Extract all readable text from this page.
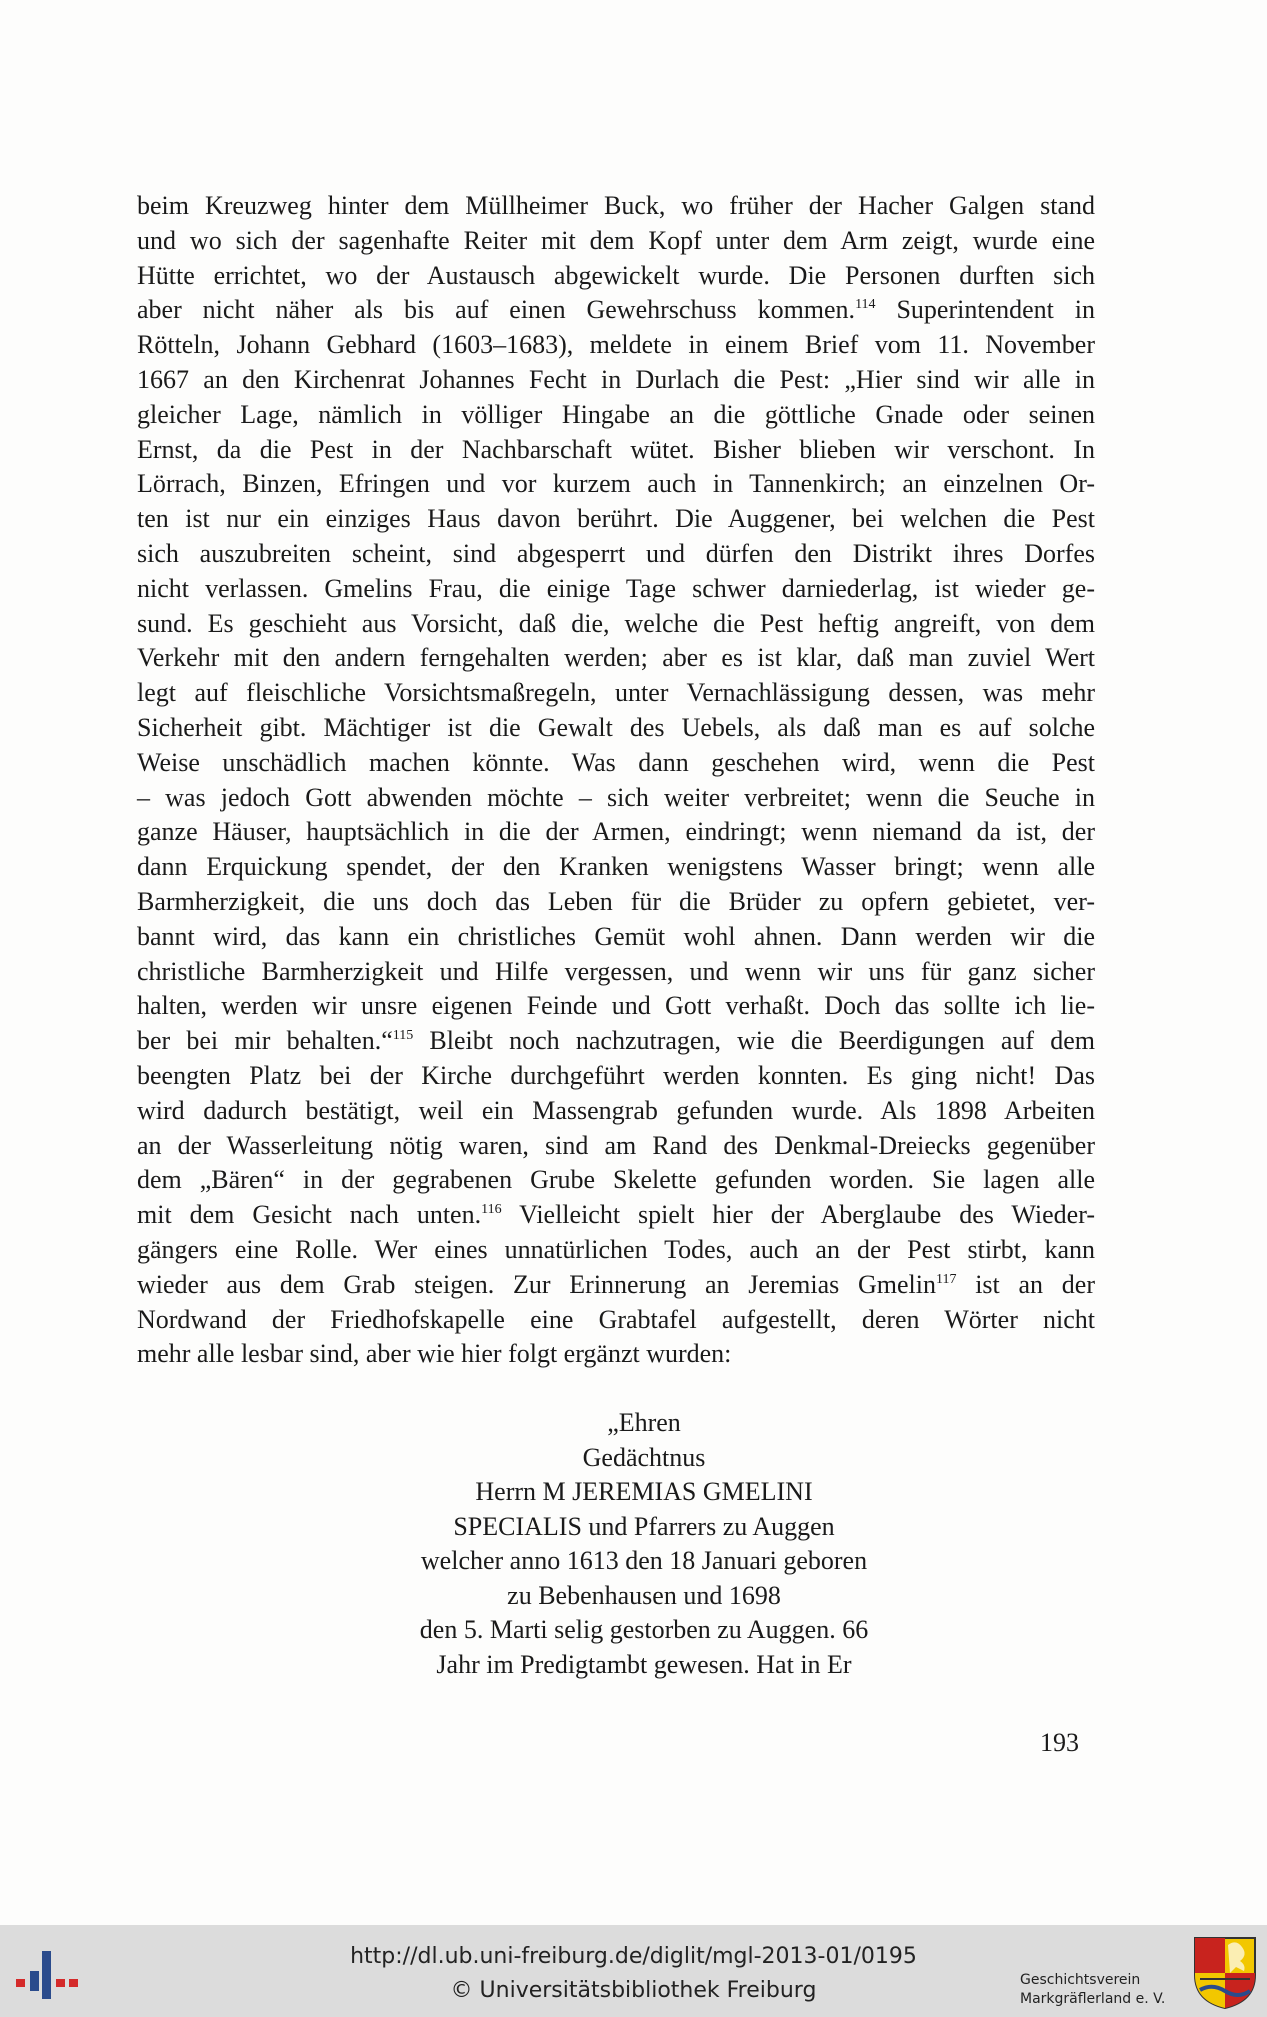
beim Kreuzweg hinter dem Müllheimer Buck, wo früher der Hacher Galgen stand
und wo sich der sagenhafte Reiter mit dem Kopf unter dem Arm zeigt, wurde eine
Hütte errichtet, wo der Austausch abgewickelt wurde. Die Personen durften sich
aber nicht näher als bis auf einen Gewehrschuss kommen.$^{114}$ Superintendent in
Rötteln, Johann Gebhard (1603–1683), meldete in einem Brief vom 11. November
1667 an den Kirchenrat Johannes Fecht in Durlach die Pest: „Hier sind wir alle in
gleicher Lage, nämlich in völliger Hingabe an die göttliche Gnade oder seinen
Ernst, da die Pest in der Nachbarschaft wütet. Bisher blieben wir verschont. In
Lörrach, Binzen, Efringen und vor kurzem auch in Tannenkirch; an einzelnen Or-
ten ist nur ein einziges Haus davon berührt. Die Auggener, bei welchen die Pest
sich auszubreiten scheint, sind abgesperrt und dürfen den Distrikt ihres Dorfes
nicht verlassen. Gmelins Frau, die einige Tage schwer darniederlag, ist wieder ge-
sund. Es geschieht aus Vorsicht, daß die, welche die Pest heftig angreift, von dem
Verkehr mit den andern ferngehalten werden; aber es ist klar, daß man zuviel Wert
legt auf fleischliche Vorsichtsmaßregeln, unter Vernachlässigung dessen, was mehr
Sicherheit gibt. Mächtiger ist die Gewalt des Uebels, als daß man es auf solche
Weise unschädlich machen könnte. Was dann geschehen wird, wenn die Pest
– was jedoch Gott abwenden möchte – sich weiter verbreitet; wenn die Seuche in
ganze Häuser, hauptsächlich in die der Armen, eindringt; wenn niemand da ist, der
dann Erquickung spendet, der den Kranken wenigstens Wasser bringt; wenn alle
Barmherzigkeit, die uns doch das Leben für die Brüder zu opfern gebietet, ver-
bannt wird, das kann ein christliches Gemüt wohl ahnen. Dann werden wir die
christliche Barmherzigkeit und Hilfe vergessen, und wenn wir uns für ganz sicher
halten, werden wir unsre eigenen Feinde und Gott verhaßt. Doch das sollte ich lie-
ber bei mir behalten.“$^{115}$ Bleibt noch nachzutragen, wie die Beerdigungen auf dem
beengten Platz bei der Kirche durchgeführt werden konnten. Es ging nicht! Das
wird dadurch bestätigt, weil ein Massengrab gefunden wurde. Als 1898 Arbeiten
an der Wasserleitung nötig waren, sind am Rand des Denkmal-Dreiecks gegenüber
dem „Bären“ in der gegrabenen Grube Skelette gefunden worden. Sie lagen alle
mit dem Gesicht nach unten.$^{116}$ Vielleicht spielt hier der Aberglaube des Wieder-
gängers eine Rolle. Wer eines unnatürlichen Todes, auch an der Pest stirbt, kann
wieder aus dem Grab steigen. Zur Erinnerung an Jeremias Gmelin$^{117}$ ist an der
Nordwand der Friedhofskapelle eine Grabtafel aufgestellt, deren Wörter nicht
mehr alle lesbar sind, aber wie hier folgt ergänzt wurden:
„Ehren
Gedächtnus
Herrn M JEREMIAS GMELINI
SPECIALIS und Pfarrers zu Auggen
welcher anno 1613 den 18 Januari geboren
zu Bebenhausen und 1698
den 5. Marti selig gestorben zu Auggen. 66
Jahr im Predigtambt gewesen. Hat in Er
193
http://dl.ub.uni-freiburg.de/diglit/mgl-2013-01/0195
© Universitätsbibliothek Freiburg	Geschichtsverein
Markgräflerland e. V.
